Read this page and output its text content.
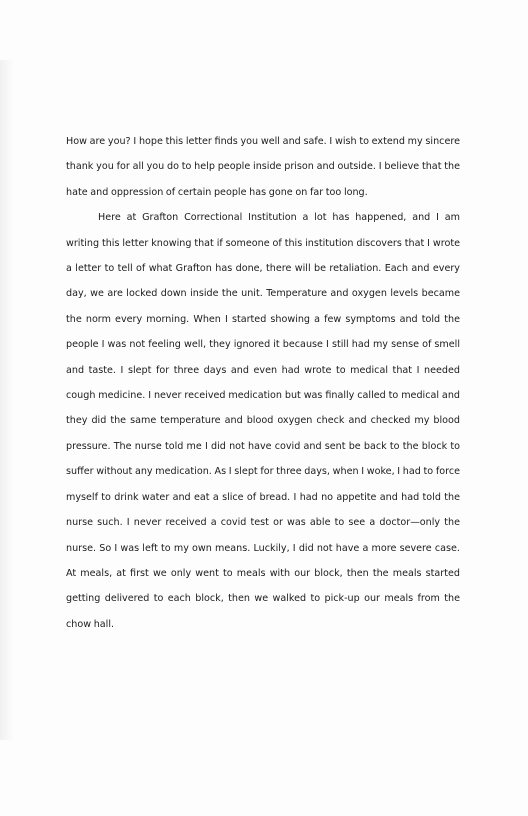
How are you? I hope this letter finds you well and safe. I wish to extend my sincere thank you for all you do to help people inside prison and outside. I believe that the hate and oppression of certain people has gone on far too long.

Here at Grafton Correctional Institution a lot has happened, and I am writing this letter knowing that if someone of this institution discovers that I wrote a letter to tell of what Grafton has done, there will be retaliation. Each and every day, we are locked down inside the unit. Temperature and oxygen levels became the norm every morning. When I started showing a few symptoms and told the people I was not feeling well, they ignored it because I still had my sense of smell and taste. I slept for three days and even had wrote to medical that I needed cough medicine. I never received medication but was finally called to medical and they did the same temperature and blood oxygen check and checked my blood pressure. The nurse told me I did not have covid and sent be back to the block to suffer without any medication. As I slept for three days, when I woke, I had to force myself to drink water and eat a slice of bread. I had no appetite and had told the nurse such. I never received a covid test or was able to see a doctor—only the nurse. So I was left to my own means. Luckily, I did not have a more severe case. At meals, at first we only went to meals with our block, then the meals started getting delivered to each block, then we walked to pick-up our meals from the chow hall.
